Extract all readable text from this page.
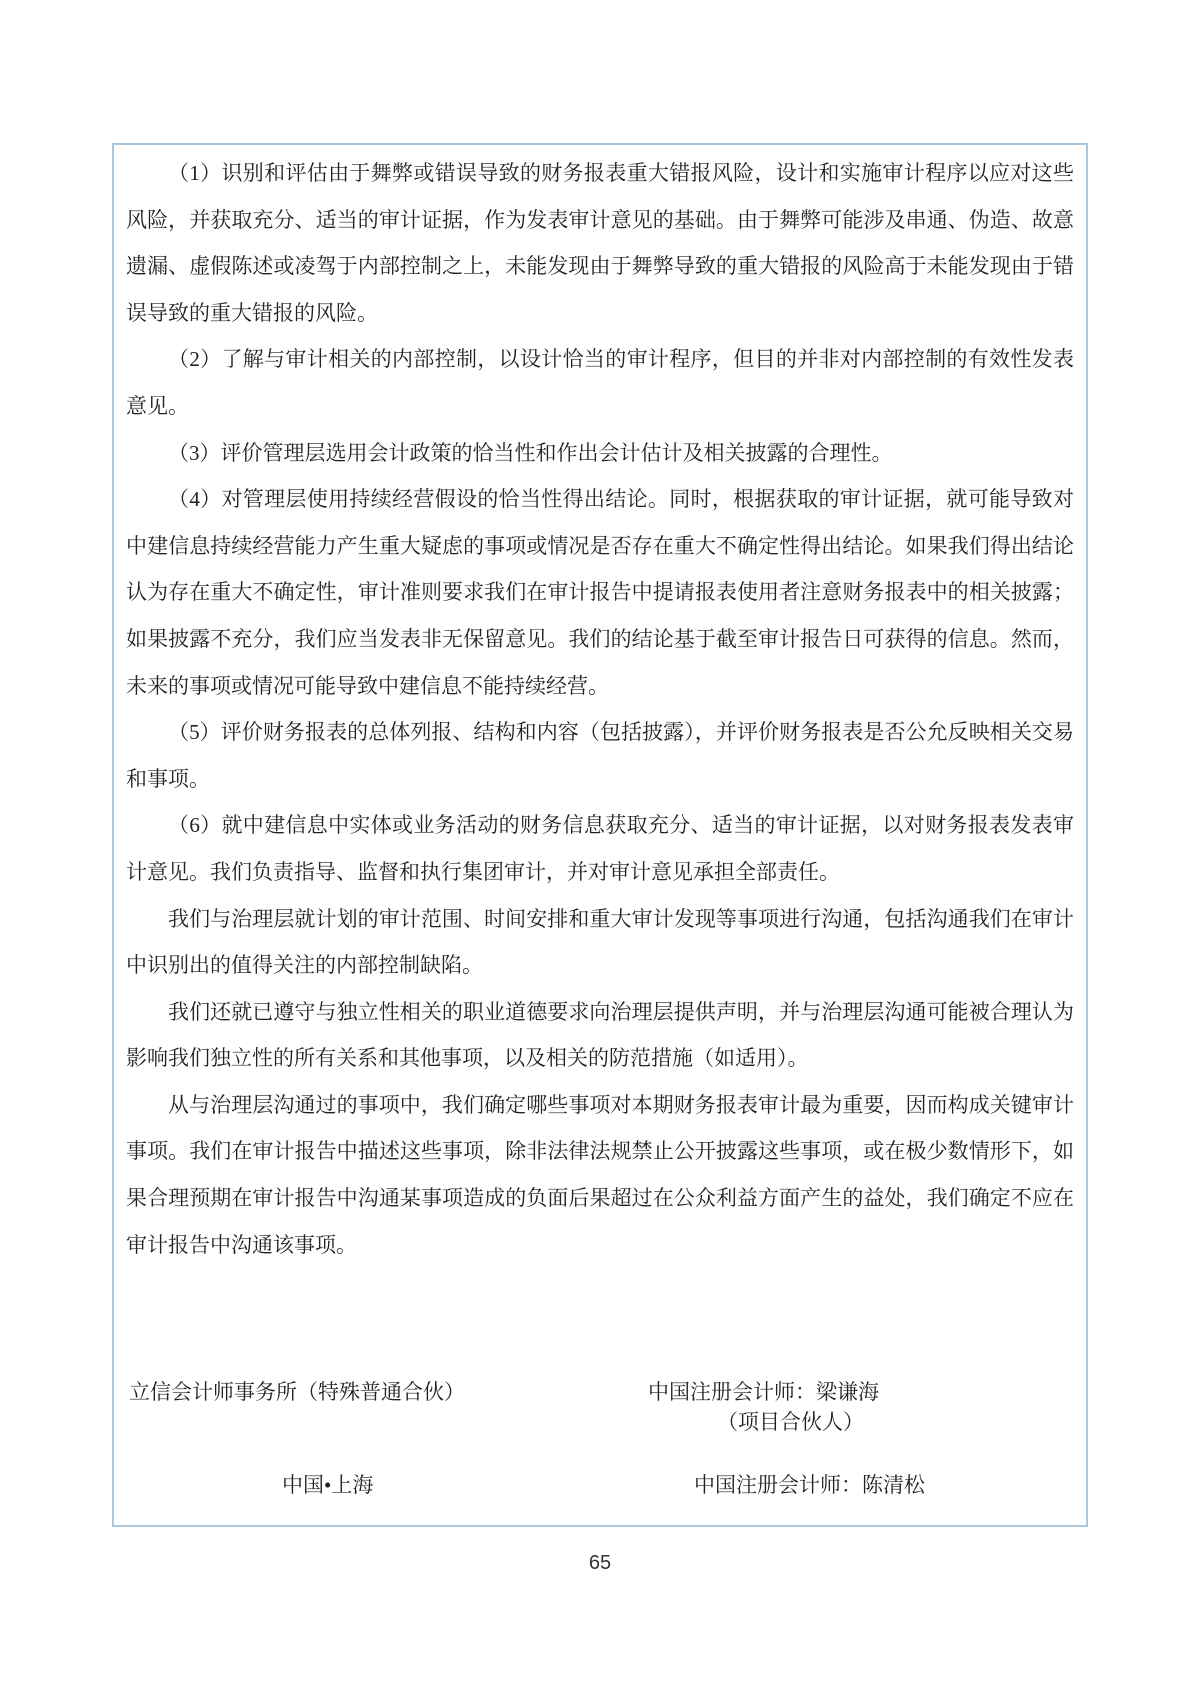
（1）识别和评估由于舞弊或错误导致的财务报表重大错报风险，设计和实施审计程序以应对这些风险，并获取充分、适当的审计证据，作为发表审计意见的基础。由于舞弊可能涉及串通、伪造、故意遗漏、虚假陈述或凌驾于内部控制之上，未能发现由于舞弊导致的重大错报的风险高于未能发现由于错误导致的重大错报的风险。

（2）了解与审计相关的内部控制，以设计恰当的审计程序，但目的并非对内部控制的有效性发表意见。

（3）评价管理层选用会计政策的恰当性和作出会计估计及相关披露的合理性。

（4）对管理层使用持续经营假设的恰当性得出结论。同时，根据获取的审计证据，就可能导致对中建信息持续经营能力产生重大疑虑的事项或情况是否存在重大不确定性得出结论。如果我们得出结论认为存在重大不确定性，审计准则要求我们在审计报告中提请报表使用者注意财务报表中的相关披露；如果披露不充分，我们应当发表非无保留意见。我们的结论基于截至审计报告日可获得的信息。然而，未来的事项或情况可能导致中建信息不能持续经营。

（5）评价财务报表的总体列报、结构和内容（包括披露），并评价财务报表是否公允反映相关交易和事项。

（6）就中建信息中实体或业务活动的财务信息获取充分、适当的审计证据，以对财务报表发表审计意见。我们负责指导、监督和执行集团审计，并对审计意见承担全部责任。

我们与治理层就计划的审计范围、时间安排和重大审计发现等事项进行沟通，包括沟通我们在审计中识别出的值得关注的内部控制缺陷。

我们还就已遵守与独立性相关的职业道德要求向治理层提供声明，并与治理层沟通可能被合理认为影响我们独立性的所有关系和其他事项，以及相关的防范措施（如适用）。

从与治理层沟通过的事项中，我们确定哪些事项对本期财务报表审计最为重要，因而构成关键审计事项。我们在审计报告中描述这些事项，除非法律法规禁止公开披露这些事项，或在极少数情形下，如果合理预期在审计报告中沟通某事项造成的负面后果超过在公众利益方面产生的益处，我们确定不应在审计报告中沟通该事项。

立信会计师事务所（特殊普通合伙）	中国注册会计师：梁谦海
（项目合伙人）
中国•上海	中国注册会计师：陈清松
65
